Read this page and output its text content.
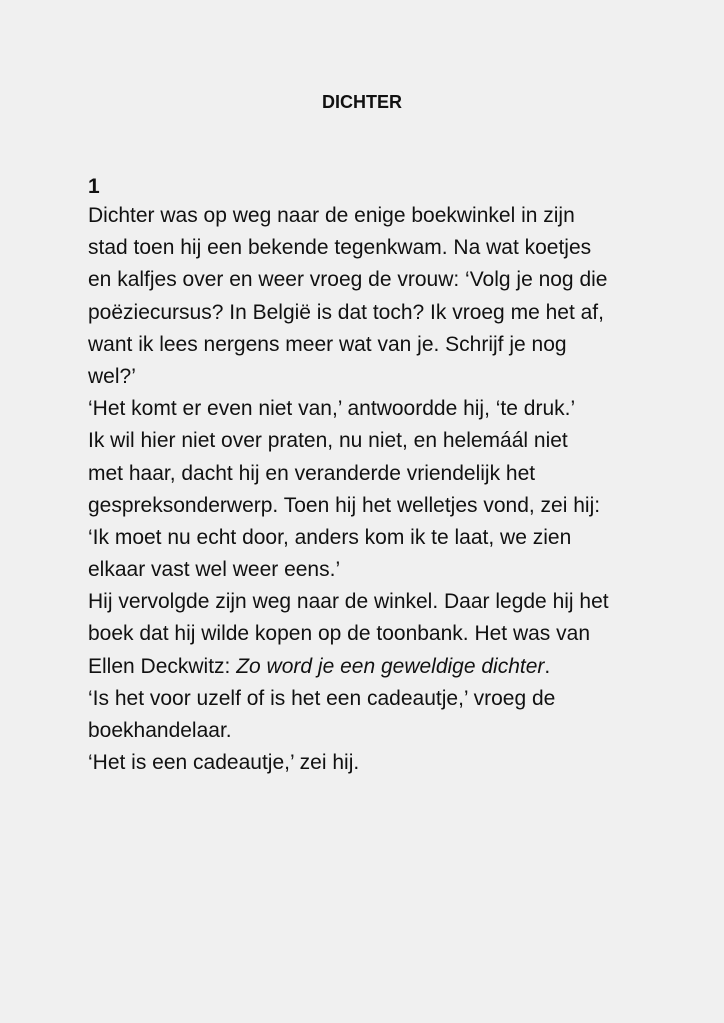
DICHTER
1
Dichter was op weg naar de enige boekwinkel in zijn
stad toen hij een bekende tegenkwam. Na wat koetjes
en kalfjes over en weer vroeg de vrouw: ‘Volg je nog die
poëziecursus? In België is dat toch? Ik vroeg me het af,
want ik lees nergens meer wat van je. Schrijf je nog
wel?’
‘Het komt er even niet van,’ antwoordde hij, ‘te druk.’
Ik wil hier niet over praten, nu niet, en helemáál niet
met haar, dacht hij en veranderde vriendelijk het
gespreksonderwerp. Toen hij het welletjes vond, zei hij:
‘Ik moet nu echt door, anders kom ik te laat, we zien
elkaar vast wel weer eens.’
Hij vervolgde zijn weg naar de winkel. Daar legde hij het
boek dat hij wilde kopen op de toonbank. Het was van
Ellen Deckwitz: Zo word je een geweldige dichter.
‘Is het voor uzelf of is het een cadeautje,’ vroeg de
boekhandelaar.
‘Het is een cadeautje,’ zei hij.
